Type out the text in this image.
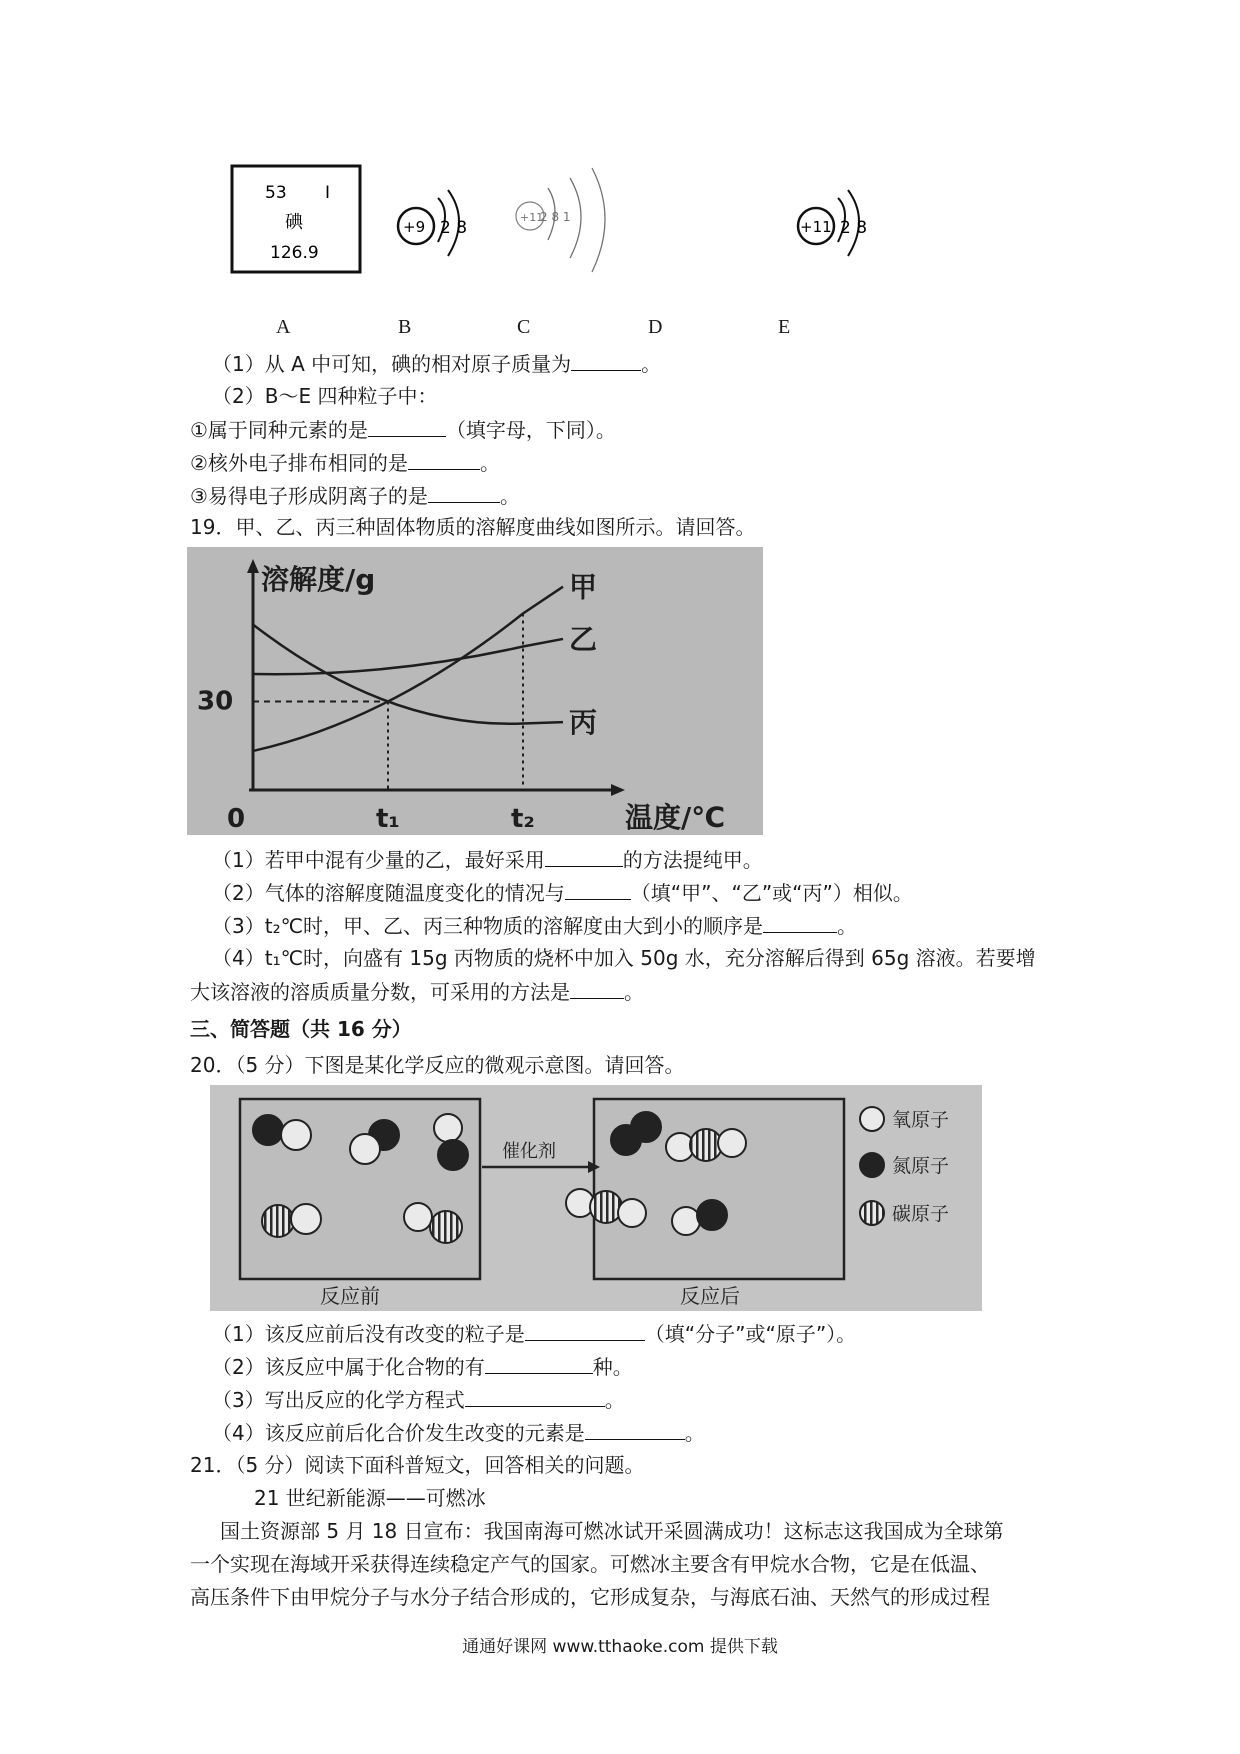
53 I
碘
126.9
+9 2 8
+11
2 8 1
+11 2 8
A	B	C	D	E
（1）从 A 中可知，碘的相对原子质量为	。
（2）B～E 四种粒子中：
①属于同种元素的是	（填字母，下同）。
②核外电子排布相同的是	。
③易得电子形成阴离子的是	。
19．甲、乙、丙三种固体物质的溶解度曲线如图所示。请回答。
溶解度/g
温度/℃
0
30
t₁	t₂
甲
乙
丙
（1）若甲中混有少量的乙，最好采用	的方法提纯甲。
（2）气体的溶解度随温度变化的情况与	（填“甲”、“乙”或“丙”）相似。
（3）t₂℃时，甲、乙、丙三种物质的溶解度由大到小的顺序是	。
（4）t₁℃时，向盛有 15g 丙物质的烧杯中加入 50g 水，充分溶解后得到 65g 溶液。若要增
大该溶液的溶质质量分数，可采用的方法是	。
三、简答题（共 16 分）
20．（5 分）下图是某化学反应的微观示意图。请回答。
催化剂
氧原子
氮原子
碳原子
反应前	反应后
（1）该反应前后没有改变的粒子是	（填“分子”或“原子”）。
（2）该反应中属于化合物的有	种。
（3）写出反应的化学方程式	。
（4）该反应前后化合价发生改变的元素是	。
21．（5 分）阅读下面科普短文，回答相关的问题。
21 世纪新能源——可燃冰
国土资源部 5 月 18 日宣布：我国南海可燃冰试开采圆满成功！这标志这我国成为全球第
一个实现在海域开采获得连续稳定产气的国家。可燃冰主要含有甲烷水合物，它是在低温、
高压条件下由甲烷分子与水分子结合形成的，它形成复杂，与海底石油、天然气的形成过程
通通好课网 www.tthaoke.com 提供下载
